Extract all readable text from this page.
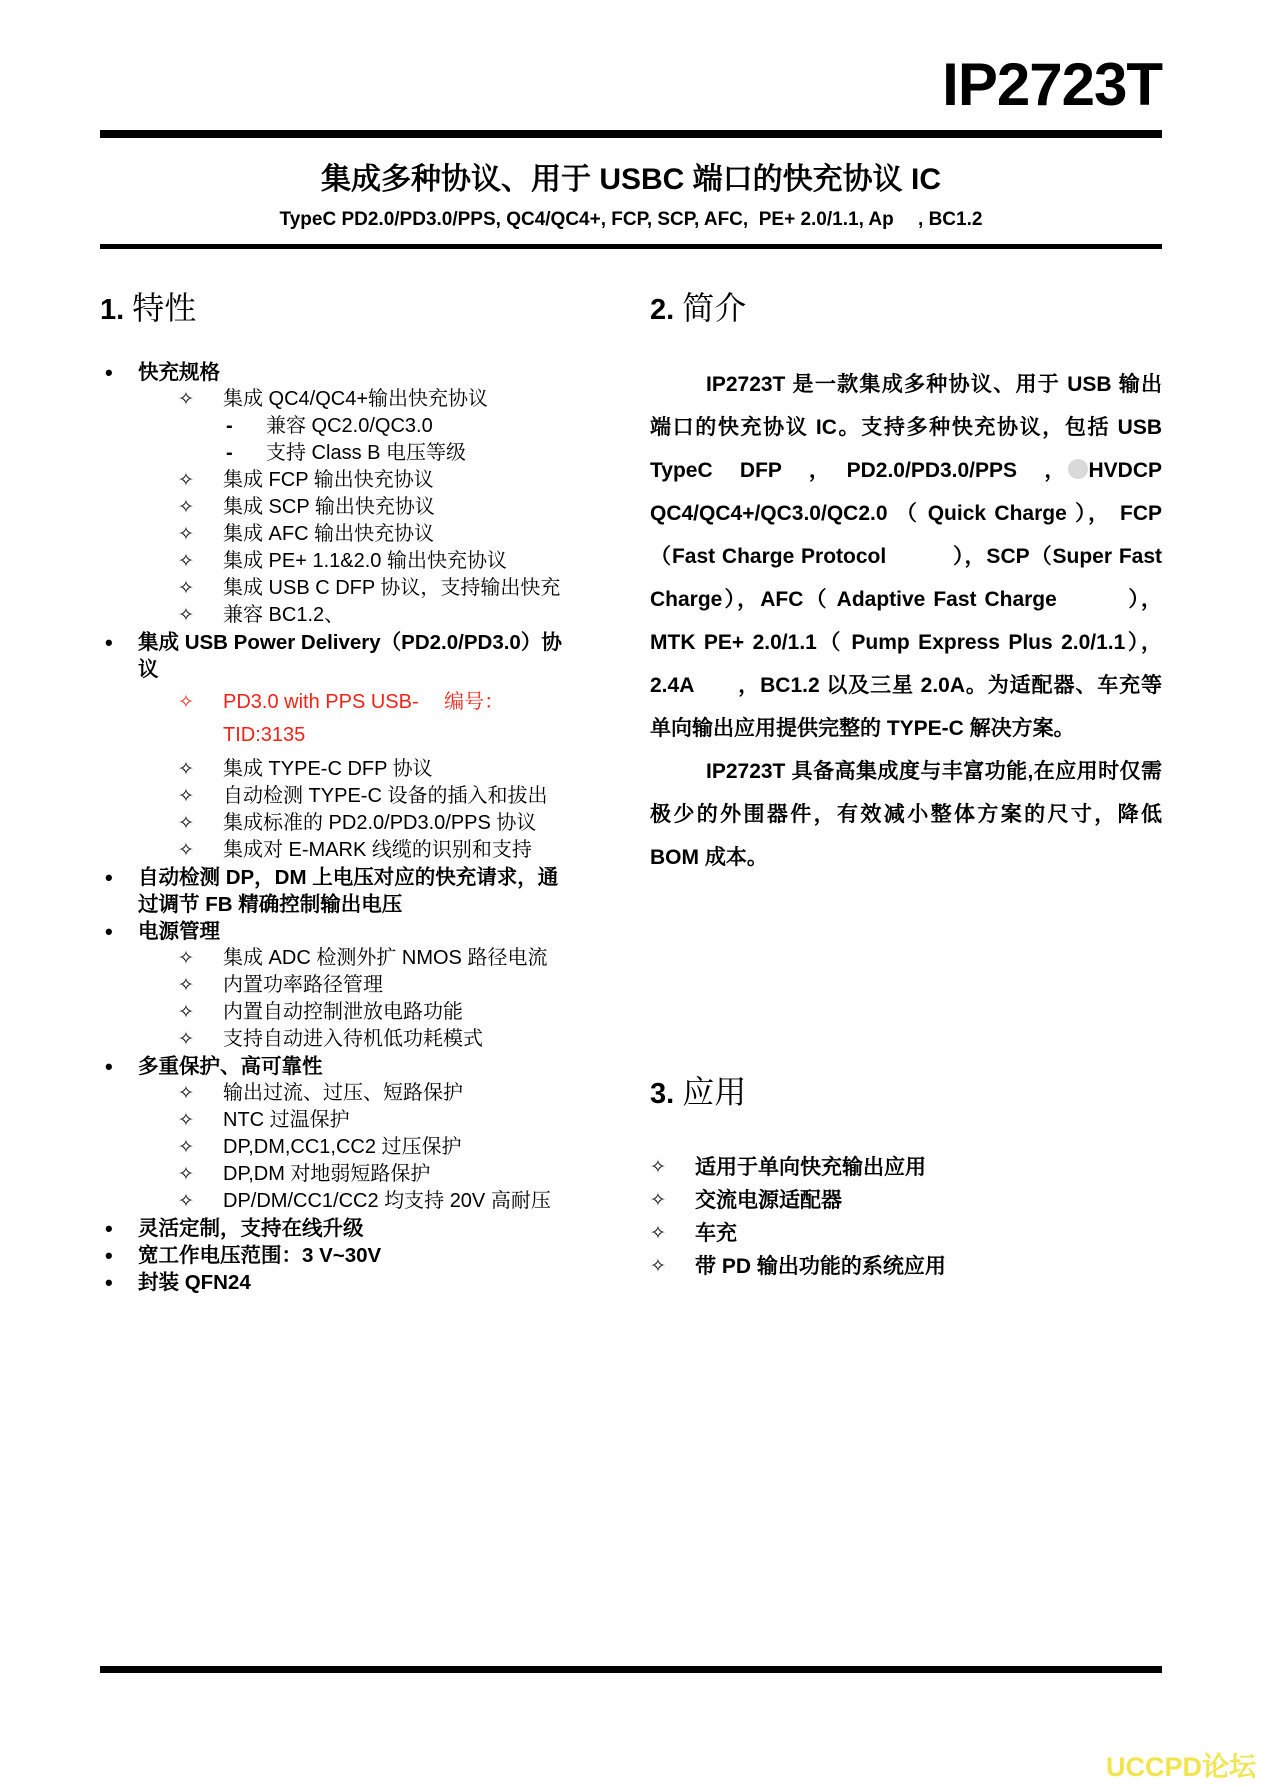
IP2723T
集成多种协议、用于 USBC 端口的快充协议 IC
TypeC PD2.0/PD3.0/PPS, QC4/QC4+, FCP, SCP, AFC,  PE+ 2.0/1.1, Ap　 , BC1.2
1. 特性
•	快充规格
✧	集成 QC4/QC4+输出快充协议
-	兼容 QC2.0/QC3.0
-	支持 Class B 电压等级
✧	集成 FCP 输出快充协议
✧	集成 SCP 输出快充协议
✧	集成 AFC 输出快充协议
✧	集成 PE+ 1.1&2.0 输出快充协议
✧	集成 USB C DFP 协议，支持输出快充
✧	兼容 BC1.2、
•	集成 USB Power Delivery（PD2.0/PD3.0）协议
✧	PD3.0 with PPS USB-　 编号：
TID:3135
✧	集成 TYPE-C DFP 协议
✧	自动检测 TYPE-C 设备的插入和拔出
✧	集成标准的 PD2.0/PD3.0/PPS 协议
✧	集成对 E-MARK 线缆的识别和支持
•	自动检测 DP，DM 上电压对应的快充请求，通过调节 FB 精确控制输出电压
•	电源管理
✧	集成 ADC 检测外扩 NMOS 路径电流
✧	内置功率路径管理
✧	内置自动控制泄放电路功能
✧	支持自动进入待机低功耗模式
•	多重保护、高可靠性
✧	输出过流、过压、短路保护
✧	NTC 过温保护
✧	DP,DM,CC1,CC2 过压保护
✧	DP,DM 对地弱短路保护
✧	DP/DM/CC1/CC2 均支持 20V 高耐压
•	灵活定制，支持在线升级
•	宽工作电压范围：3 V~30V
•	封装 QFN24
2. 简介

IP2723T 是一款集成多种协议、用于 USB 输出端口的快充协议 IC。支持多种快充协议，包括 USB TypeC　DFP　，　PD2.0/PD3.0/PPS　， HVDCP QC4/QC4+/QC3.0/QC2.0 （ Quick Charge ）， FCP（Fast Charge Protocol　　　），SCP（Super Fast Charge），AFC（ Adaptive Fast Charge　　　），MTK PE+ 2.0/1.1（ Pump Express Plus 2.0/1.1）， 2.4A　　，BC1.2 以及三星 2.0A。为适配器、车充等单向输出应用提供完整的 TYPE-C 解决方案。

IP2723T 具备高集成度与丰富功能,在应用时仅需极少的外围器件，有效减小整体方案的尺寸，降低 BOM 成本。

3. 应用
✧	适用于单向快充输出应用
✧	交流电源适配器
✧	车充
✧	带 PD 输出功能的系统应用
UCCPD论坛
